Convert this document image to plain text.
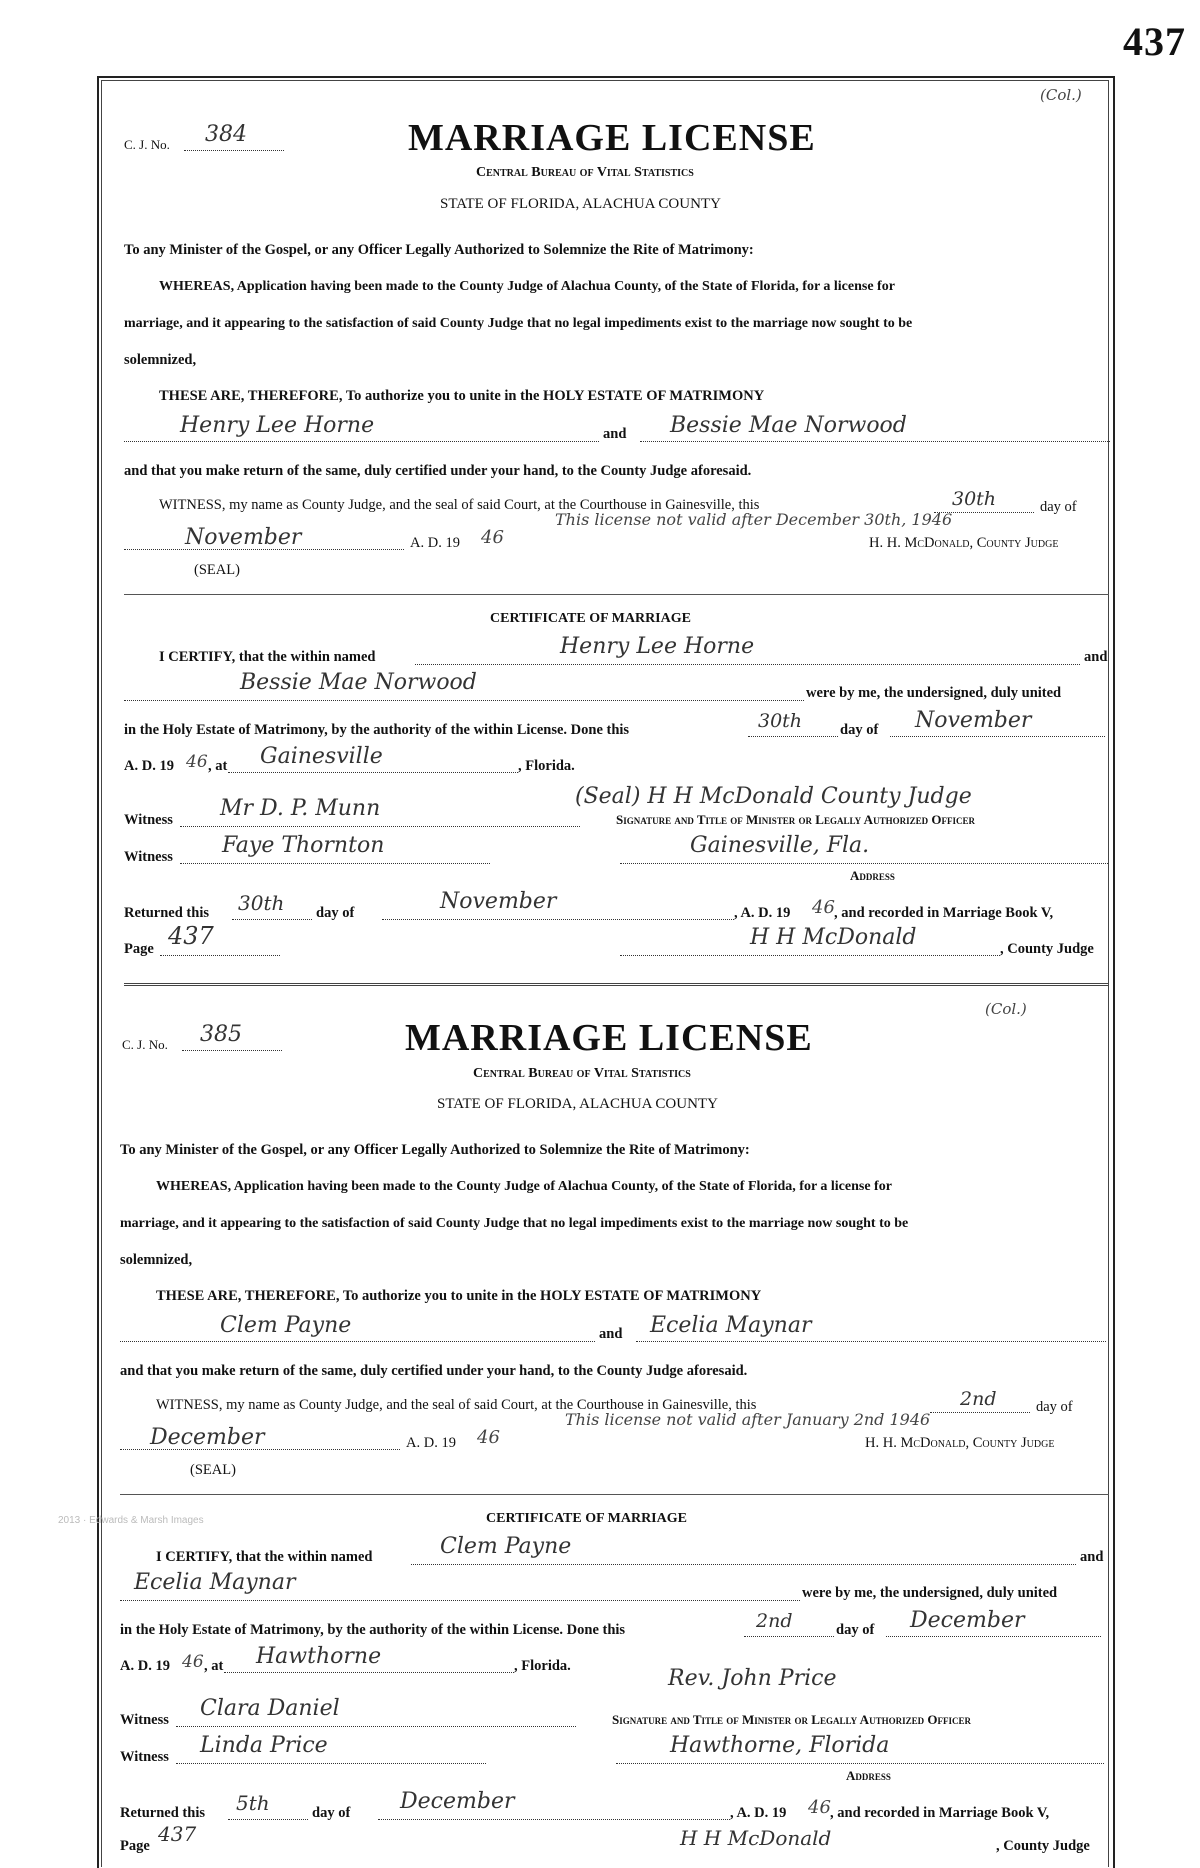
437
2013 · Edwards & Marsh Images
(Col.)
C. J. No. 384	MARRIAGE LICENSE
Central Bureau of Vital Statistics
STATE OF FLORIDA, ALACHUA COUNTY
To any Minister of the Gospel, or any Officer Legally Authorized to Solemnize the Rite of Matrimony:
WHEREAS, Application having been made to the County Judge of Alachua County, of the State of Florida, for a license for
marriage, and it appearing to the satisfaction of said County Judge that no legal impediments exist to the marriage now sought to be
solemnized,
THESE ARE, THEREFORE, To authorize you to unite in the HOLY ESTATE OF MATRIMONY
Henry Lee Horne	and Bessie Mae Norwood
and that you make return of the same, duly certified under your hand, to the County Judge aforesaid.
WITNESS, my name as County Judge, and the seal of said Court, at the Courthouse in Gainesville, this	30th	day of
This license not valid after December 30th, 1946
November	A. D. 19 46	H. H. McDonald, County Judge
(SEAL)
CERTIFICATE OF MARRIAGE
I CERTIFY, that the within named	Henry Lee Horne	and
Bessie Mae Norwood	were by me, the undersigned, duly united
in the Holy Estate of Matrimony, by the authority of the within License. Done this	30th	day of November
A. D. 19 46 , at Gainesville	, Florida.
Witness Mr D. P. Munn	(Seal) H H McDonald County Judge
Signature and Title of Minister or Legally Authorized Officer
Witness Faye Thornton	Gainesville, Fla.
Address
Returned this 30th day of	November	, A. D. 19 46 , and recorded in Marriage Book V,
Page 437	H H McDonald	, County Judge
(Col.)
C. J. No. 385	MARRIAGE LICENSE
Central Bureau of Vital Statistics
STATE OF FLORIDA, ALACHUA COUNTY
To any Minister of the Gospel, or any Officer Legally Authorized to Solemnize the Rite of Matrimony:
WHEREAS, Application having been made to the County Judge of Alachua County, of the State of Florida, for a license for
marriage, and it appearing to the satisfaction of said County Judge that no legal impediments exist to the marriage now sought to be
solemnized,
THESE ARE, THEREFORE, To authorize you to unite in the HOLY ESTATE OF MATRIMONY
Clem Payne	and Ecelia Maynar
and that you make return of the same, duly certified under your hand, to the County Judge aforesaid.
WITNESS, my name as County Judge, and the seal of said Court, at the Courthouse in Gainesville, this	2nd	day of
This license not valid after January 2nd 1946
December	A. D. 19 46	H. H. McDonald, County Judge
(SEAL)
CERTIFICATE OF MARRIAGE
I CERTIFY, that the within named	Clem Payne	and
Ecelia Maynar	were by me, the undersigned, duly united
in the Holy Estate of Matrimony, by the authority of the within License. Done this	2nd	day of December
A. D. 19 46 , at Hawthorne	, Florida.	Rev. John Price
Witness Clara Daniel	Signature and Title of Minister or Legally Authorized Officer
Witness Linda Price	Hawthorne, Florida
Address
Returned this 5th	day of December	, A. D. 19 46 , and recorded in Marriage Book V,
Page 437	H H McDonald	, County Judge
